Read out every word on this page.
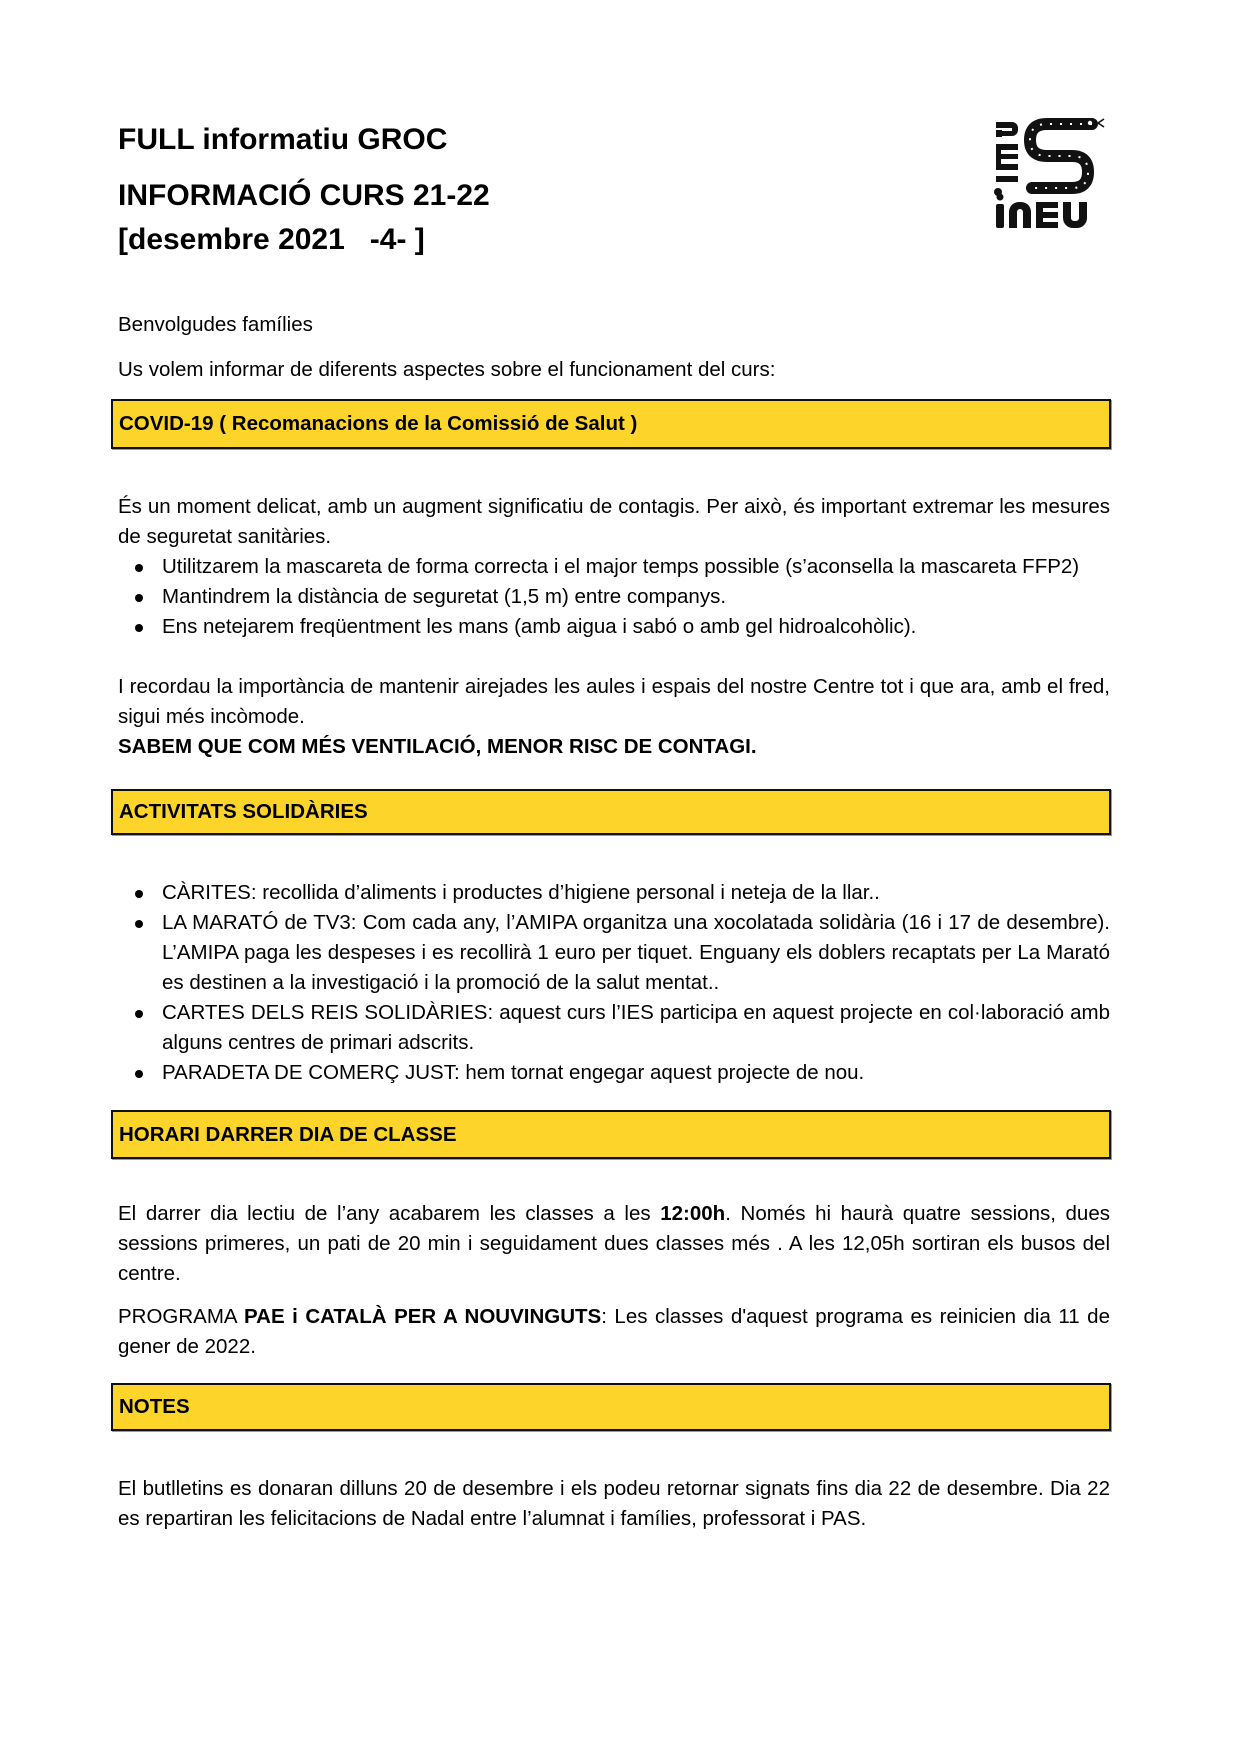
FULL informatiu GROC
INFORMACIÓ CURS 21-22
[desembre 2021   -4- ]
Benvolgudes famílies
Us volem informar de diferents aspectes sobre el funcionament del curs:
COVID-19 ( Recomanacions de la Comissió de Salut )
És un moment delicat, amb un augment significatiu de contagis. Per això, és important extremar les mesures de seguretat sanitàries.
Utilitzarem la mascareta de forma correcta i el major temps possible (s’aconsella la mascareta FFP2)
Mantindrem la distància de seguretat (1,5 m) entre companys.
Ens netejarem freqüentment les mans (amb aigua i sabó o amb gel hidroalcohòlic).
I recordau la importància de mantenir airejades les aules i espais del nostre Centre tot i que ara, amb el fred, sigui més incòmode.
SABEM QUE COM MÉS VENTILACIÓ, MENOR RISC DE CONTAGI.
ACTIVITATS SOLIDÀRIES
CÀRITES: recollida d’aliments i productes d’higiene personal i neteja de la llar..
LA MARATÓ de TV3: Com cada any, l’AMIPA organitza una xocolatada solidària (16 i 17 de desembre). L’AMIPA paga les despeses i es recollirà 1 euro per tiquet. Enguany els doblers recaptats per La Marató es destinen a la investigació i la promoció de la salut mentat..
CARTES DELS REIS SOLIDÀRIES: aquest curs l’IES participa en aquest projecte en col·laboració amb alguns centres de primari adscrits.
PARADETA DE COMERÇ JUST: hem tornat engegar aquest projecte de nou.
HORARI DARRER DIA DE CLASSE
El darrer dia lectiu de l’any acabarem les classes a les 12:00h. Només hi haurà quatre sessions, dues sessions primeres, un pati de 20 min i seguidament dues classes més . A les 12,05h sortiran els busos del centre.
PROGRAMA PAE i CATALÀ PER A NOUVINGUTS: Les classes d'aquest programa es reinicien dia 11 de gener de 2022.
NOTES
El butlletins es donaran dilluns 20 de desembre i els podeu retornar signats fins dia 22 de desembre. Dia 22 es repartiran les felicitacions de Nadal entre l’alumnat i famílies, professorat i PAS.
